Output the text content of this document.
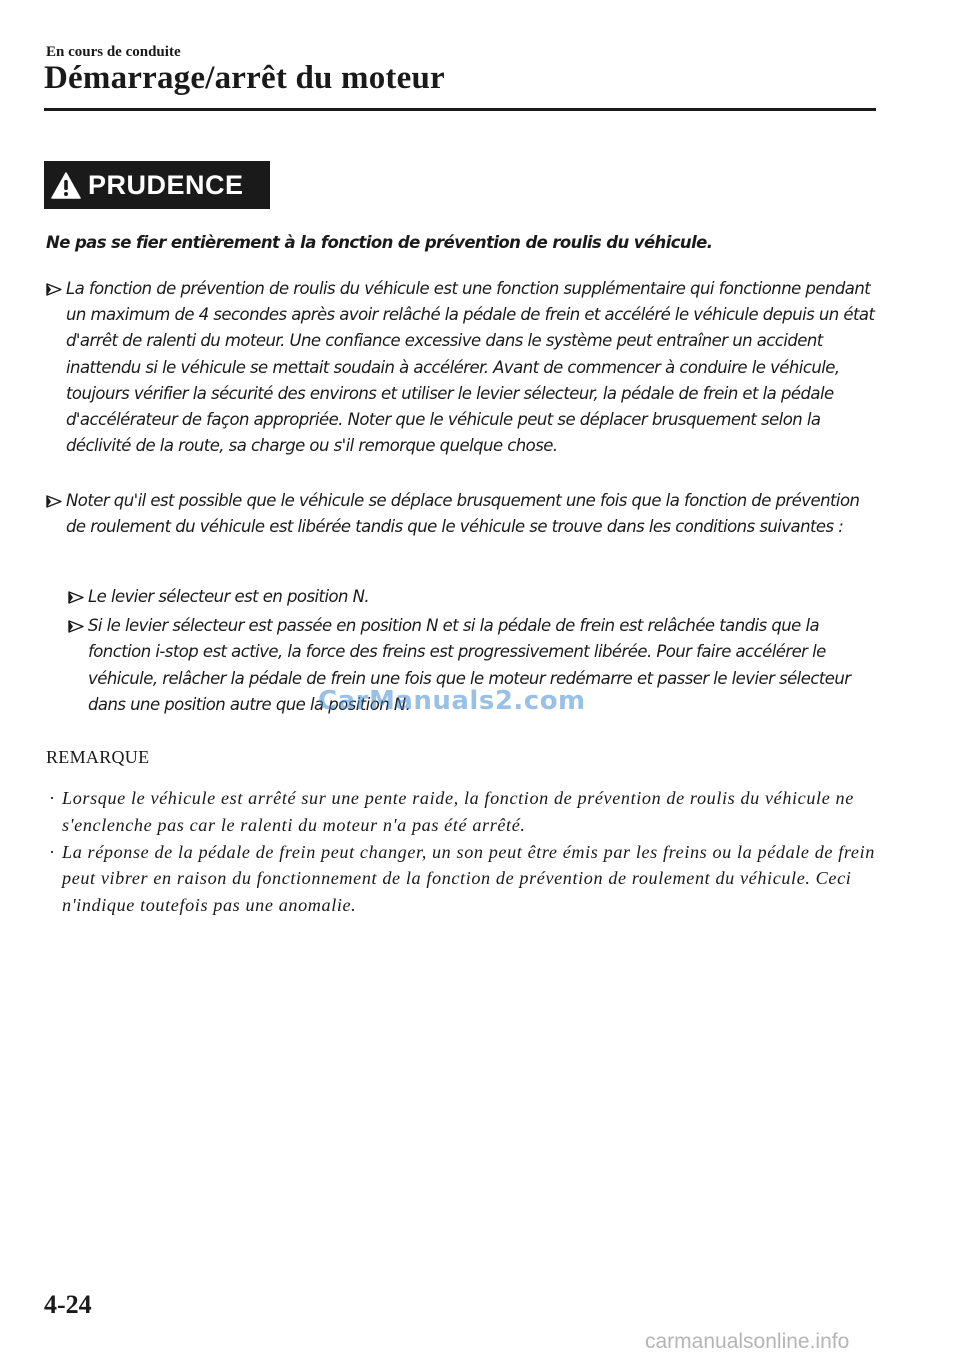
En cours de conduite
Démarrage/arrêt du moteur
PRUDENCE
Ne pas se fier entièrement à la fonction de prévention de roulis du véhicule.
La fonction de prévention de roulis du véhicule est une fonction supplémentaire qui fonctionne pendant un maximum de 4 secondes après avoir relâché la pédale de frein et accéléré le véhicule depuis un état d'arrêt de ralenti du moteur. Une confiance excessive dans le système peut entraîner un accident inattendu si le véhicule se mettait soudain à accélérer. Avant de commencer à conduire le véhicule, toujours vérifier la sécurité des environs et utiliser le levier sélecteur, la pédale de frein et la pédale d'accélérateur de façon appropriée. Noter que le véhicule peut se déplacer brusquement selon la déclivité de la route, sa charge ou s'il remorque quelque chose.
Noter qu'il est possible que le véhicule se déplace brusquement une fois que la fonction de prévention de roulement du véhicule est libérée tandis que le véhicule se trouve dans les conditions suivantes :
Le levier sélecteur est en position N.
Si le levier sélecteur est passée en position N et si la pédale de frein est relâchée tandis que la fonction i-stop est active, la force des freins est progressivement libérée. Pour faire accélérer le véhicule, relâcher la pédale de frein une fois que le moteur redémarre et passer le levier sélecteur dans une position autre que la position N.
CarManuals2.com
REMARQUE
· Lorsque le véhicule est arrêté sur une pente raide, la fonction de prévention de roulis du véhicule ne s'enclenche pas car le ralenti du moteur n'a pas été arrêté.
· La réponse de la pédale de frein peut changer, un son peut être émis par les freins ou la pédale de frein peut vibrer en raison du fonctionnement de la fonction de prévention de roulement du véhicule. Ceci n'indique toutefois pas une anomalie.
4-24
carmanualsonline.info
